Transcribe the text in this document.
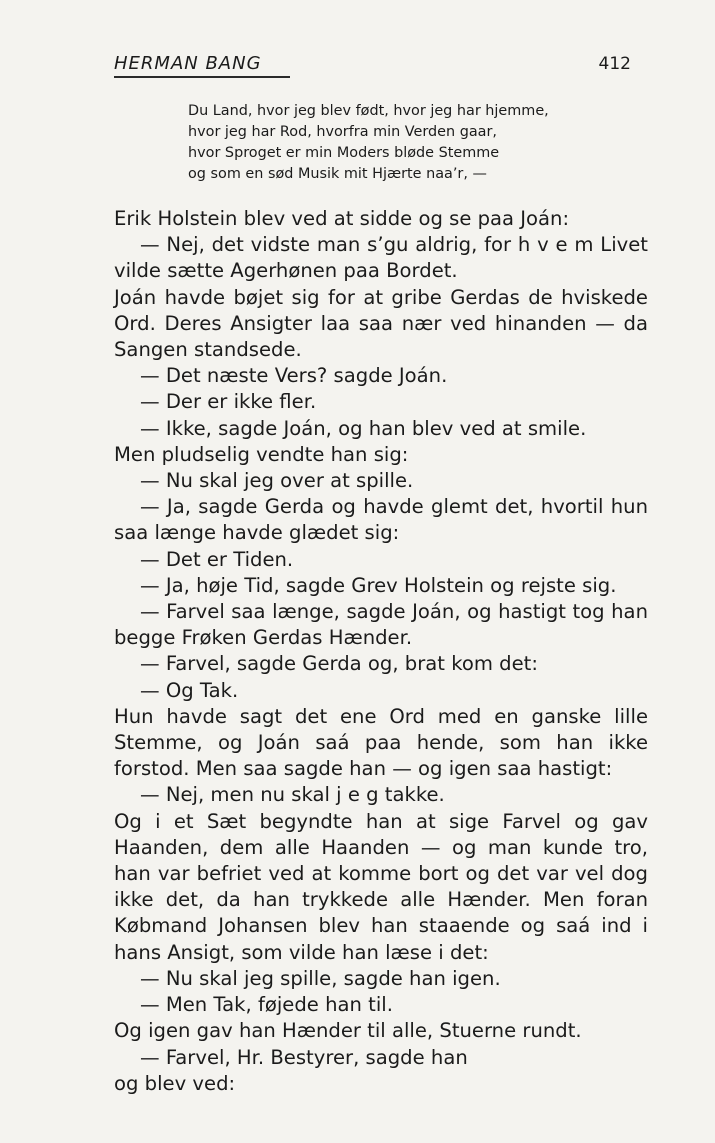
HERMAN BANG	412
Du Land, hvor jeg blev født, hvor jeg har hjemme,
hvor jeg har Rod, hvorfra min Verden gaar,
hvor Sproget er min Moders bløde Stemme
og som en sød Musik mit Hjærte naa’r, —

Erik Holstein blev ved at sidde og se paa Joán:

— Nej, det vidste man s’gu aldrig, for h v e m Livet vilde sætte Agerhønen paa Bordet.

Joán havde bøjet sig for at gribe Gerdas de hviskede Ord. Deres Ansigter laa saa nær ved hinanden — da Sangen standsede.

— Det næste Vers? sagde Joán.

— Der er ikke fler.

— Ikke, sagde Joán, og han blev ved at smile.

Men pludselig vendte han sig:

— Nu skal jeg over at spille.

— Ja, sagde Gerda og havde glemt det, hvortil hun saa længe havde glædet sig:

— Det er Tiden.

— Ja, høje Tid, sagde Grev Holstein og rejste sig.

— Farvel saa længe, sagde Joán, og hastigt tog han begge Frøken Gerdas Hænder.

— Farvel, sagde Gerda og, brat kom det:

— Og Tak.

Hun havde sagt det ene Ord med en ganske lille Stemme, og Joán saá paa hende, som han ikke forstod. Men saa sagde han — og igen saa hastigt:

— Nej, men nu skal j e g takke.

Og i et Sæt begyndte han at sige Farvel og gav Haanden, dem alle Haanden — og man kunde tro, han var befriet ved at komme bort og det var vel dog ikke det, da han trykkede alle Hænder. Men foran Købmand Johansen blev han staaende og saá ind i hans Ansigt, som vilde han læse i det:

— Nu skal jeg spille, sagde han igen.

— Men Tak, føjede han til.

Og igen gav han Hænder til alle, Stuerne rundt.

— Farvel, Hr. Bestyrer, sagde han

og blev ved:
